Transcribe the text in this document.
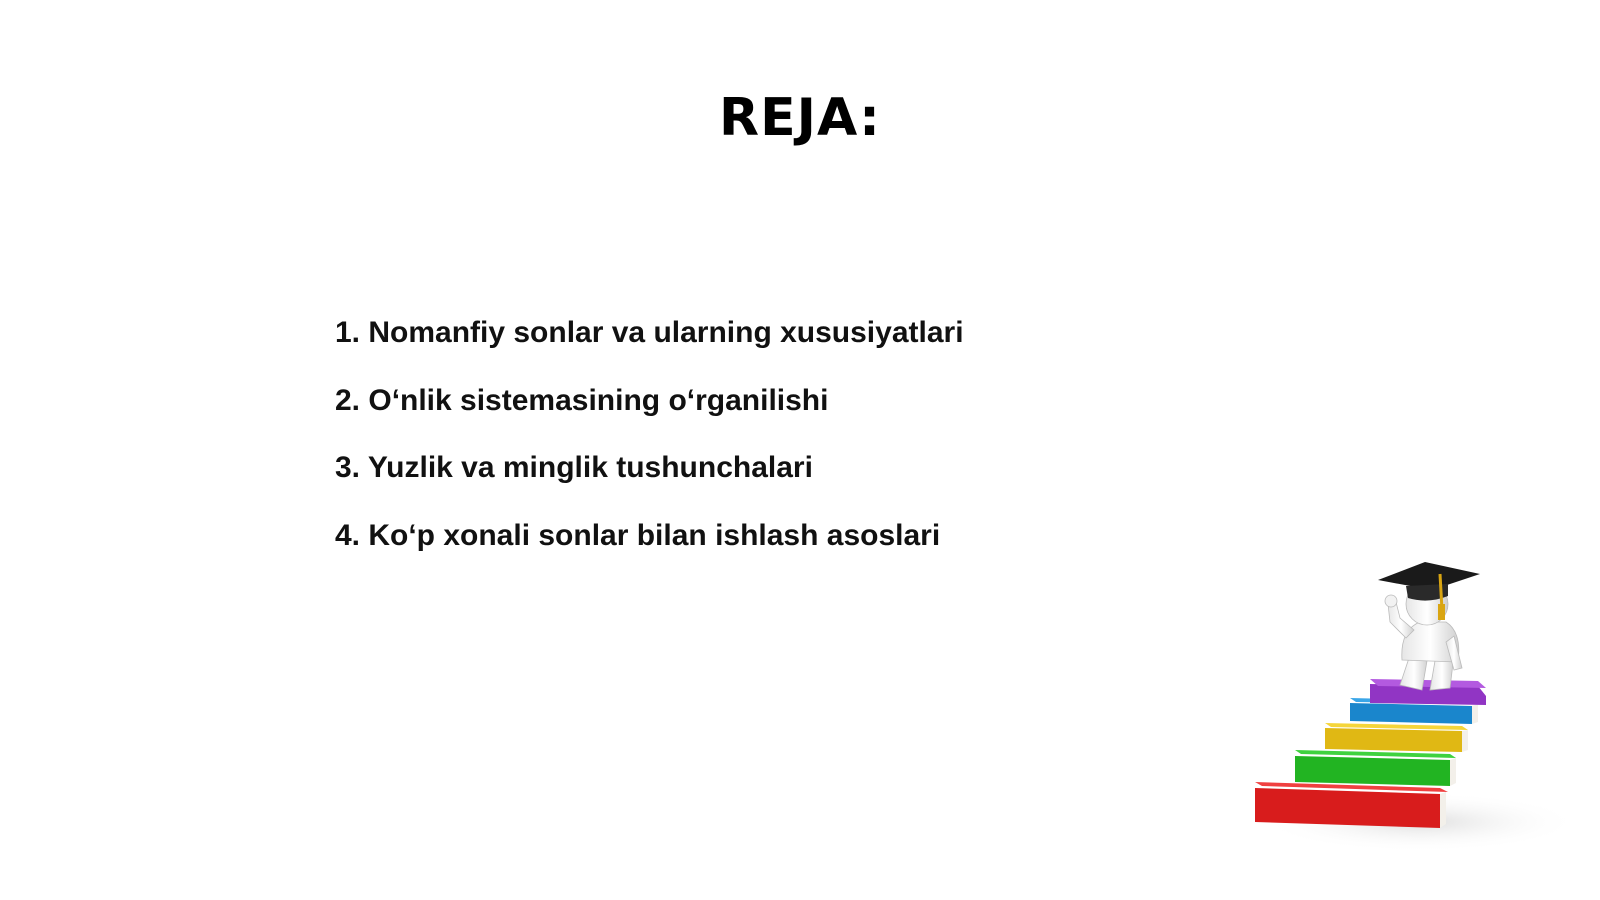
REJA:
1. Nomanfiy sonlar va ularning xususiyatlari
2. O‘nlik sistemasining o‘rganilishi
3. Yuzlik va minglik tushunchalari
4. Ko‘p xonali sonlar bilan ishlash asoslari
